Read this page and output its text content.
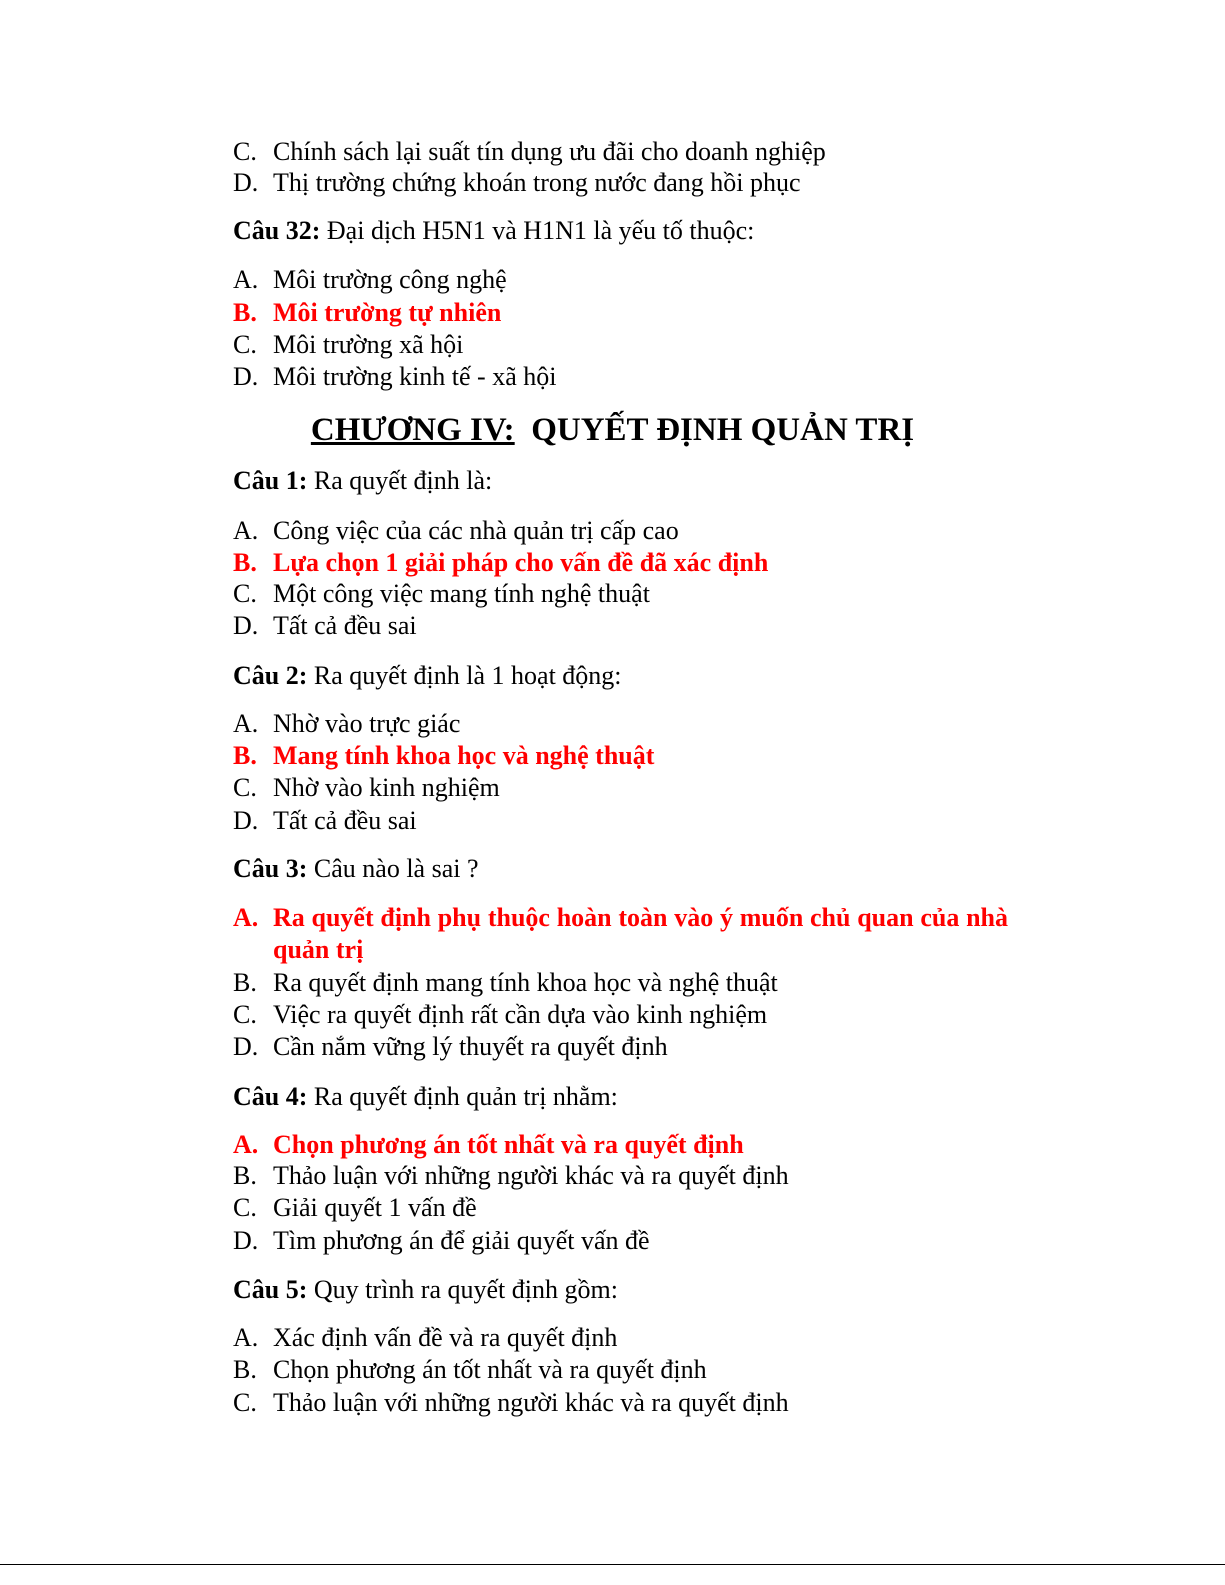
C. Chính sách lại suất tín dụng ưu đãi cho doanh nghiệp
D. Thị trường chứng khoán trong nước đang hồi phục
Câu 32: Đại dịch H5N1 và H1N1 là yếu tố thuộc:
A. Môi trường công nghệ
B. Môi trường tự nhiên
C. Môi trường xã hội
D. Môi trường kinh tế - xã hội
CHƯƠNG IV: QUYẾT ĐỊNH QUẢN TRỊ
Câu 1: Ra quyết định là:
A. Công việc của các nhà quản trị cấp cao
B. Lựa chọn 1 giải pháp cho vấn đề đã xác định
C. Một công việc mang tính nghệ thuật
D. Tất cả đều sai
Câu 2: Ra quyết định là 1 hoạt động:
A. Nhờ vào trực giác
B. Mang tính khoa học và nghệ thuật
C. Nhờ vào kinh nghiệm
D. Tất cả đều sai
Câu 3: Câu nào là sai ?
A. Ra quyết định phụ thuộc hoàn toàn vào ý muốn chủ quan của nhà quản trị
B. Ra quyết định mang tính khoa học và nghệ thuật
C. Việc ra quyết định rất cần dựa vào kinh nghiệm
D. Cần nắm vững lý thuyết ra quyết định
Câu 4: Ra quyết định quản trị nhằm:
A. Chọn phương án tốt nhất và ra quyết định
B. Thảo luận với những người khác và ra quyết định
C. Giải quyết 1 vấn đề
D. Tìm phương án để giải quyết vấn đề
Câu 5: Quy trình ra quyết định gồm:
A. Xác định vấn đề và ra quyết định
B. Chọn phương án tốt nhất và ra quyết định
C. Thảo luận với những người khác và ra quyết định
